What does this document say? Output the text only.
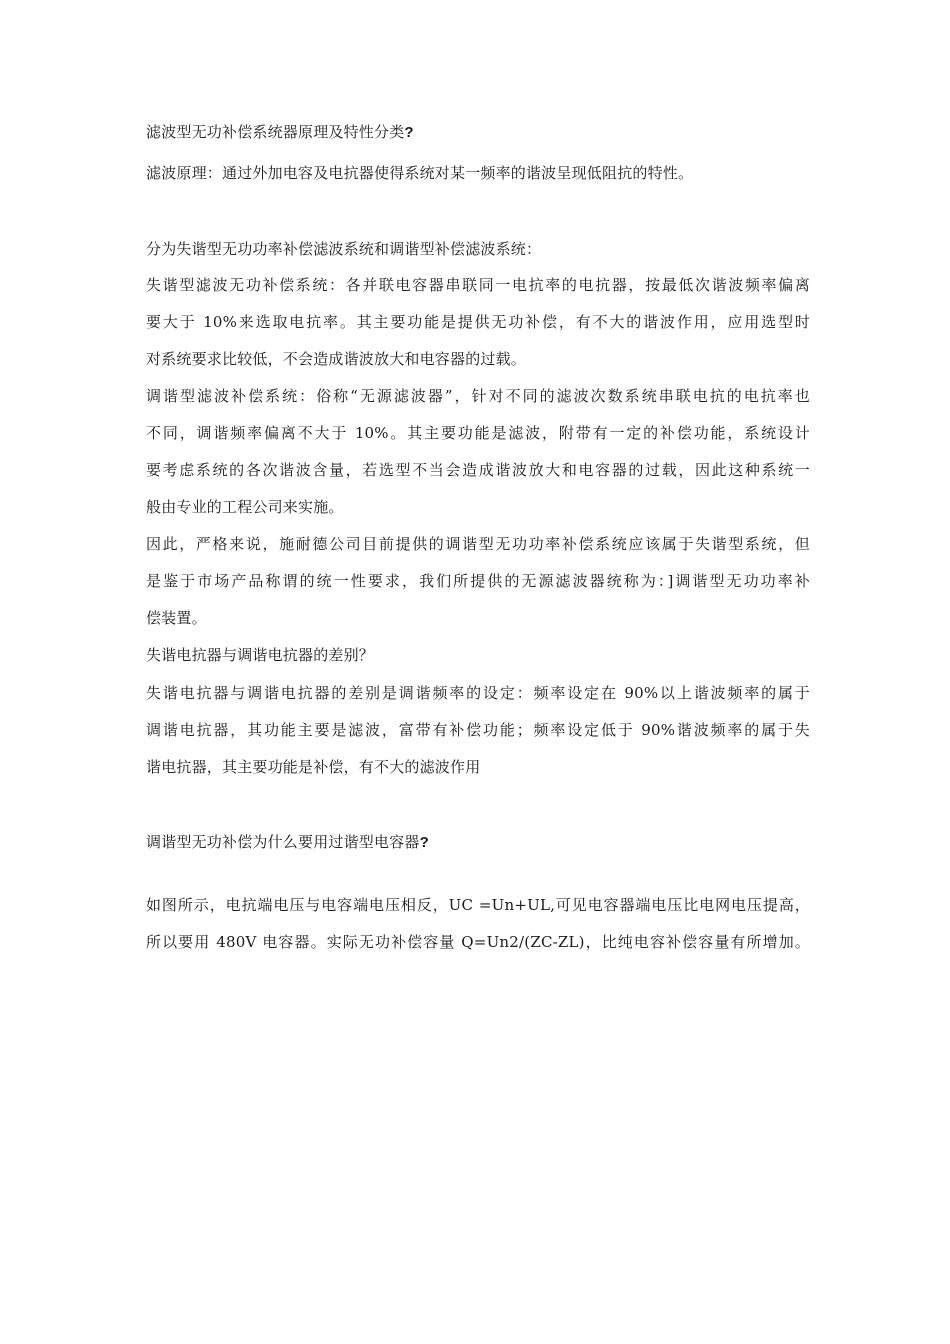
滤波型无功补偿系统器原理及特性分类?
滤波原理：通过外加电容及电抗器使得系统对某一频率的谐波呈现低阻抗的特性。
分为失谐型无功功率补偿滤波系统和调谐型补偿滤波系统：
失谐型滤波无功补偿系统：各并联电容器串联同一电抗率的电抗器，按最低次谐波频率偏离
要大于 10%来选取电抗率。其主要功能是提供无功补偿，有不大的谐波作用，应用选型时
对系统要求比较低，不会造成谐波放大和电容器的过载。
调谐型滤波补偿系统：俗称“无源滤波器”，针对不同的滤波次数系统串联电抗的电抗率也
不同，调谐频率偏离不大于 10%。其主要功能是滤波，附带有一定的补偿功能，系统设计
要考虑系统的各次谐波含量，若选型不当会造成谐波放大和电容器的过载，因此这种系统一
般由专业的工程公司来实施。
因此，严格来说，施耐德公司目前提供的调谐型无功功率补偿系统应该属于失谐型系统，但
是鉴于市场产品称谓的统一性要求，我们所提供的无源滤波器统称为：]调谐型无功功率补
偿装置。
失谐电抗器与调谐电抗器的差别？
失谐电抗器与调谐电抗器的差别是调谐频率的设定：频率设定在 90%以上谐波频率的属于
调谐电抗器，其功能主要是滤波，富带有补偿功能；频率设定低于 90%谐波频率的属于失
谐电抗器，其主要功能是补偿，有不大的滤波作用
调谐型无功补偿为什么要用过谐型电容器?
如图所示，电抗端电压与电容端电压相反，UC =Un+UL,可见电容器端电压比电网电压提高，
所以要用 480V 电容器。实际无功补偿容量 Q=Un2/(ZC-ZL)，比纯电容补偿容量有所增加。
